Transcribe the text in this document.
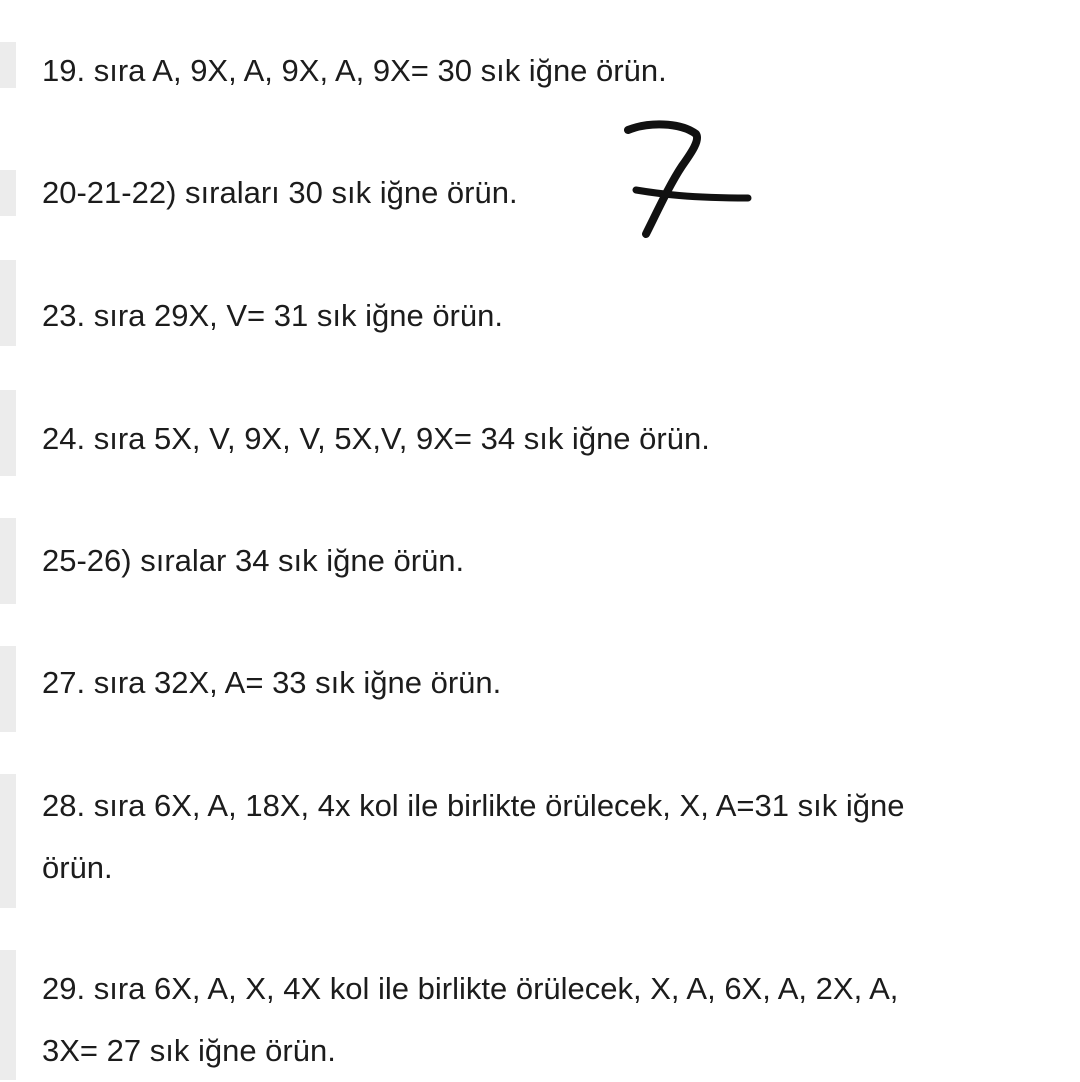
19. sıra A, 9X, A, 9X, A, 9X= 30 sık iğne örün.
20-21-22) sıraları 30 sık iğne örün.
7
23. sıra 29X, V= 31 sık iğne örün.
24. sıra 5X, V, 9X, V, 5X,V, 9X= 34 sık iğne örün.
25-26) sıralar 34 sık iğne örün.
27. sıra 32X, A= 33 sık iğne örün.
28. sıra 6X, A, 18X, 4x kol ile birlikte örülecek, X, A=31 sık iğne
örün.
29. sıra 6X, A, X, 4X kol ile birlikte örülecek, X, A, 6X, A, 2X, A,
3X= 27 sık iğne örün.
